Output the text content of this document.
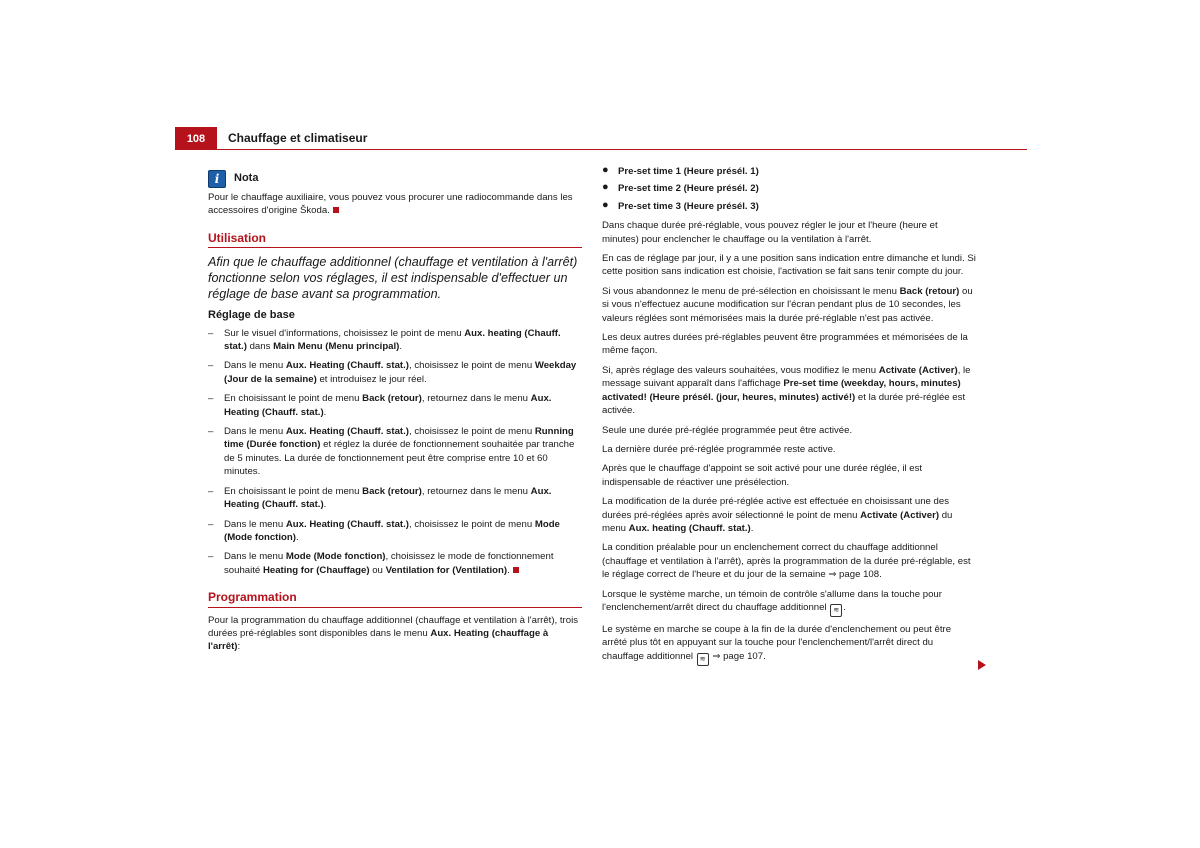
108	Chauffage et climatiseur
i	Nota

Pour le chauffage auxiliaire, vous pouvez vous procurer une radiocommande dans les accessoires d'origine Škoda.

Utilisation
Afin que le chauffage additionnel (chauffage et ventilation à l'arrêt) fonctionne selon vos réglages, il est indispensable d'effectuer un réglage de base avant sa programmation.
Réglage de base
– Sur le visuel d'informations, choisissez le point de menu Aux. heating (Chauff. stat.) dans Main Menu (Menu principal).
– Dans le menu Aux. Heating (Chauff. stat.), choisissez le point de menu Weekday (Jour de la semaine) et introduisez le jour réel.
– En choisissant le point de menu Back (retour), retournez dans le menu Aux. Heating (Chauff. stat.).
– Dans le menu Aux. Heating (Chauff. stat.), choisissez le point de menu Running time (Durée fonction) et réglez la durée de fonctionnement souhaitée par tranche de 5 minutes. La durée de fonctionnement peut être comprise entre 10 et 60 minutes.
– En choisissant le point de menu Back (retour), retournez dans le menu Aux. Heating (Chauff. stat.).
– Dans le menu Aux. Heating (Chauff. stat.), choisissez le point de menu Mode (Mode fonction).
– Dans le menu Mode (Mode fonction), choisissez le mode de fonctionnement souhaité Heating for (Chauffage) ou Ventilation for (Ventilation).
Programmation

Pour la programmation du chauffage additionnel (chauffage et ventilation à l'arrêt), trois durées pré-réglables sont disponibles dans le menu Aux. Heating (chauffage à l'arrêt):

● Pre-set time 1 (Heure présél. 1)
● Pre-set time 2 (Heure présél. 2)
● Pre-set time 3 (Heure présél. 3)

Dans chaque durée pré-réglable, vous pouvez régler le jour et l'heure (heure et minutes) pour enclencher le chauffage ou la ventilation à l'arrêt.

En cas de réglage par jour, il y a une position sans indication entre dimanche et lundi. Si cette position sans indication est choisie, l'activation se fait sans tenir compte du jour.

Si vous abandonnez le menu de pré-sélection en choisissant le menu Back (retour) ou si vous n'effectuez aucune modification sur l'écran pendant plus de 10 secondes, les valeurs réglées sont mémorisées mais la durée pré-réglable n'est pas activée.

Les deux autres durées pré-réglables peuvent être programmées et mémorisées de la même façon.

Si, après réglage des valeurs souhaitées, vous modifiez le menu Activate (Activer), le message suivant apparaît dans l'affichage Pre-set time (weekday, hours, minutes) activated! (Heure présél. (jour, heures, minutes) activé!) et la durée pré-réglée est activée.

Seule une durée pré-réglée programmée peut être activée.

La dernière durée pré-réglée programmée reste active.

Après que le chauffage d'appoint se soit activé pour une durée réglée, il est indispensable de réactiver une présélection.

La modification de la durée pré-réglée active est effectuée en choisissant une des durées pré-réglées après avoir sélectionné le point de menu Activate (Activer) du menu Aux. heating (Chauff. stat.).

La condition préalable pour un enclenchement correct du chauffage additionnel (chauffage et ventilation à l'arrêt), après la programmation de la durée pré-réglable, est le réglage correct de l'heure et du jour de la semaine ⇒ page 108.

Lorsque le système marche, un témoin de contrôle s'allume dans la touche pour l'enclenchement/arrêt direct du chauffage additionnel ≋ .

Le système en marche se coupe à la fin de la durée d'enclenchement ou peut être arrêté plus tôt en appuyant sur la touche pour l'enclenchement/l'arrêt direct du chauffage additionnel ≋ ⇒ page 107.
